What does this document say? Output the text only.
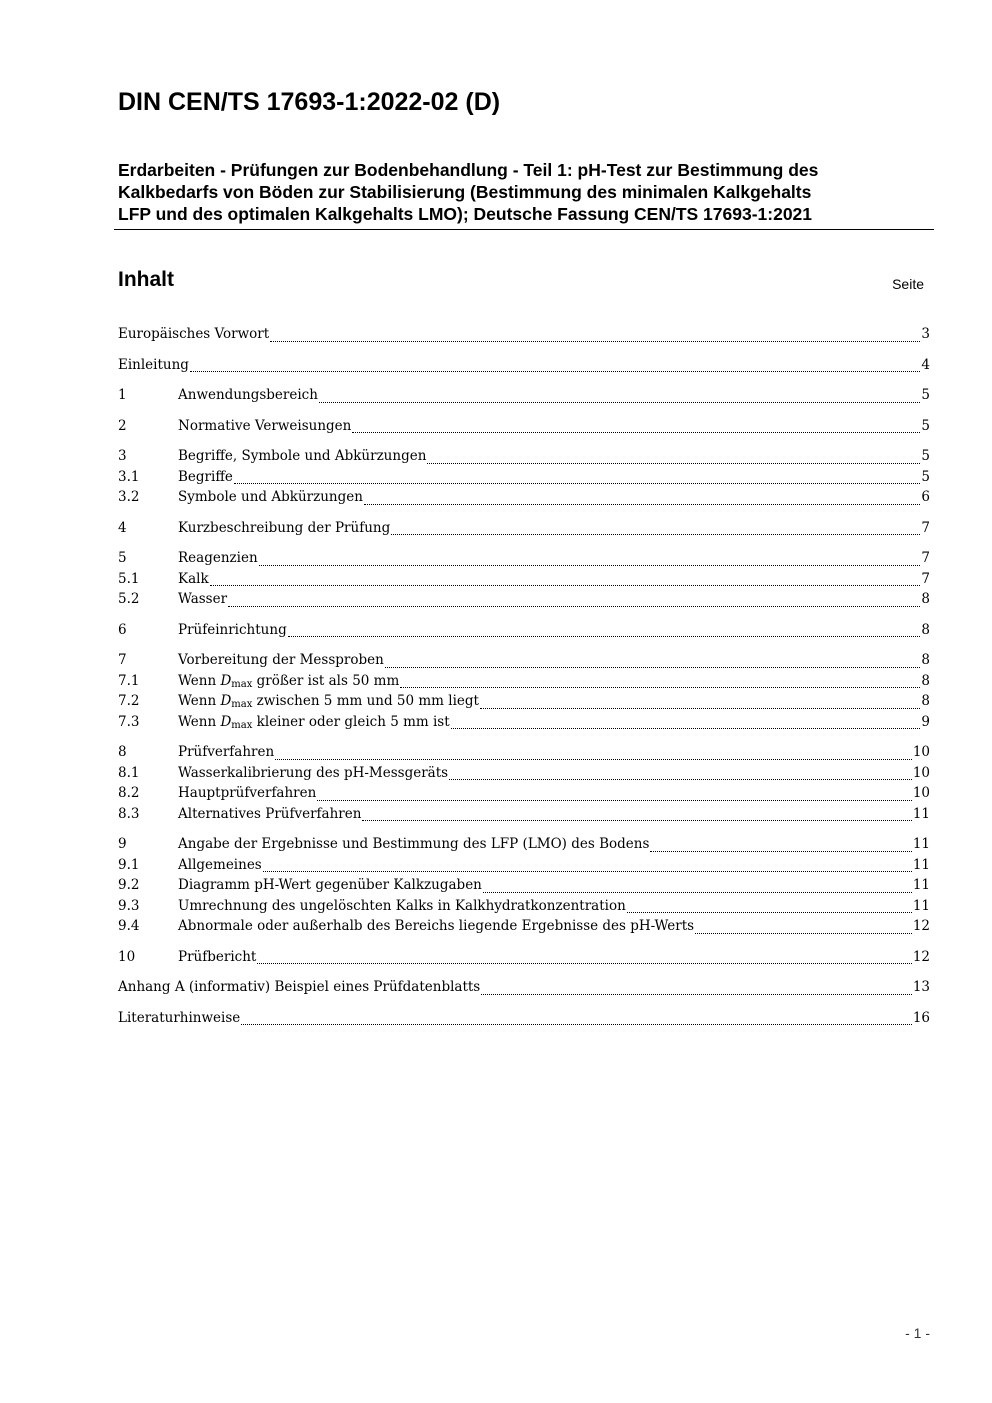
DIN CEN/TS 17693-1:2022-02 (D)
Erdarbeiten - Prüfungen zur Bodenbehandlung - Teil 1: pH-Test zur Bestimmung des
Kalkbedarfs von Böden zur Stabilisierung (Bestimmung des minimalen Kalkgehalts
LFP und des optimalen Kalkgehalts LMO); Deutsche Fassung CEN/TS 17693-1:2021
Inhalt	Seite
Europäisches Vorwort	3
Einleitung	4
1	Anwendungsbereich	5
2	Normative Verweisungen	5
3	Begriffe, Symbole und Abkürzungen	5
3.1	Begriffe	5
3.2	Symbole und Abkürzungen	6
4	Kurzbeschreibung der Prüfung	7
5	Reagenzien	7
5.1	Kalk	7
5.2	Wasser	8
6	Prüfeinrichtung	8
7	Vorbereitung der Messproben	8
7.1	Wenn $D_{max}$ größer ist als 50 mm	8
7.2	Wenn $D_{max}$ zwischen 5 mm und 50 mm liegt	8
7.3	Wenn $D_{max}$ kleiner oder gleich 5 mm ist	9
8	Prüfverfahren	10
8.1	Wasserkalibrierung des pH-Messgeräts	10
8.2	Hauptprüfverfahren	10
8.3	Alternatives Prüfverfahren	11
9	Angabe der Ergebnisse und Bestimmung des LFP (LMO) des Bodens	11
9.1	Allgemeines	11
9.2	Diagramm pH-Wert gegenüber Kalkzugaben	11
9.3	Umrechnung des ungelöschten Kalks in Kalkhydratkonzentration	11
9.4	Abnormale oder außerhalb des Bereichs liegende Ergebnisse des pH-Werts	12
10	Prüfbericht	12
Anhang A (informativ) Beispiel eines Prüfdatenblatts	13
Literaturhinweise	16
- 1 -
